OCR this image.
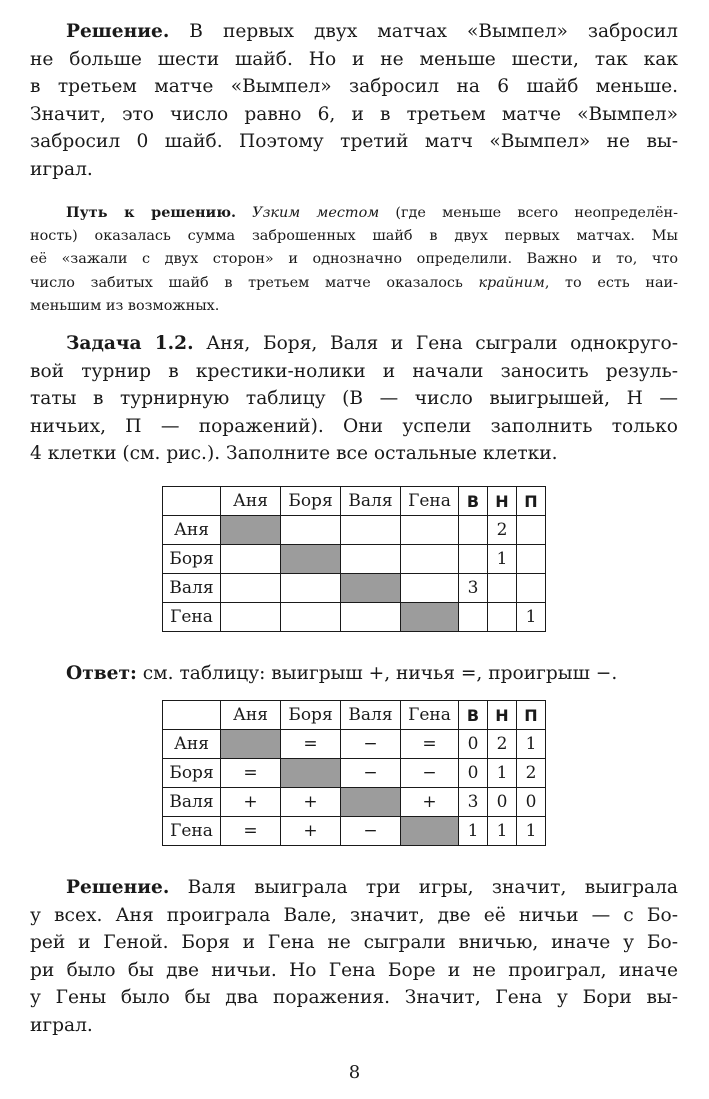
Решение. В первых двух матчах «Вымпел» забросил
не больше шести шайб. Но и не меньше шести, так как
в третьем матче «Вымпел» забросил на 6 шайб меньше.
Значит, это число равно 6, и в третьем матче «Вымпел»
забросил 0 шайб. Поэтому третий матч «Вымпел» не вы-
играл.
Путь к решению. Узким местом (где меньше всего неопределён-
ность) оказалась сумма заброшенных шайб в двух первых матчах. Мы
её «зажали с двух сторон» и однозначно определили. Важно и то, что
число забитых шайб в третьем матче оказалось крайним, то есть наи-
меньшим из возможных.
Задача 1.2. Аня, Боря, Валя и Гена сыграли однокруго-
вой турнир в крестики-нолики и начали заносить резуль-
таты в турнирную таблицу (В — число выигрышей, Н —
ничьих, П — поражений). Они успели заполнить только
4 клетки (см. рис.). Заполните все остальные клетки.
	Аня	Боря	Валя	Гена	В	Н	П
Аня						2	
Боря						1	
Валя					3		
Гена							1
Ответ: см. таблицу: выигрыш +, ничья =, проигрыш −.
	Аня	Боря	Валя	Гена	В	Н	П
Аня		=	−	=	0	2	1
Боря	=		−	−	0	1	2
Валя	+	+		+	3	0	0
Гена	=	+	−		1	1	1
Решение. Валя выиграла три игры, значит, выиграла
у всех. Аня проиграла Вале, значит, две её ничьи — с Бо-
рей и Геной. Боря и Гена не сыграли вничью, иначе у Бо-
ри было бы две ничьи. Но Гена Боре и не проиграл, иначе
у Гены было бы два поражения. Значит, Гена у Бори вы-
играл.
8
